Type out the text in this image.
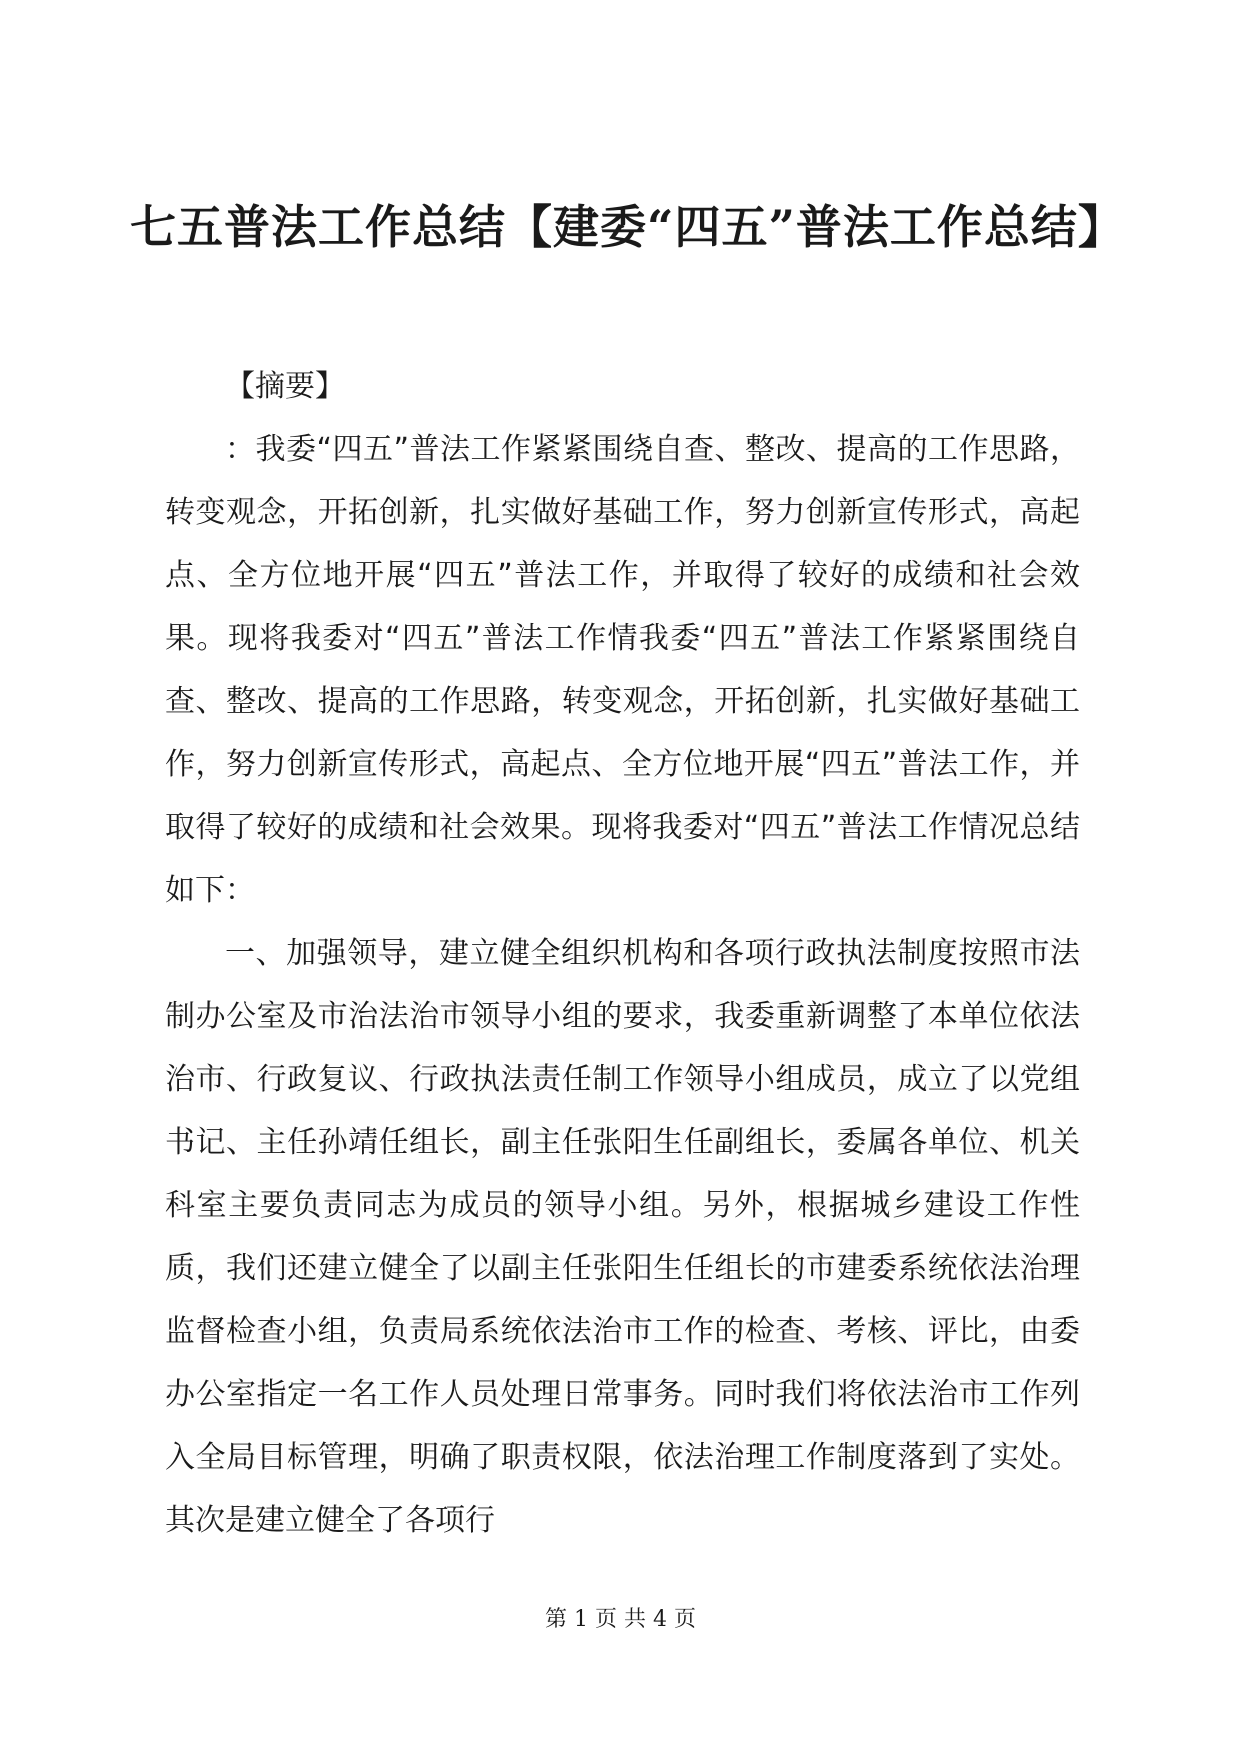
七五普法工作总结【建委“四五”普法工作总结】

【摘要】

：我委“四五”普法工作紧紧围绕自查、整改、提高的工作思路，转变观念，开拓创新，扎实做好基础工作，努力创新宣传形式，高起点、全方位地开展“四五”普法工作，并取得了较好的成绩和社会效果。现将我委对“四五”普法工作情我委“四五”普法工作紧紧围绕自查、整改、提高的工作思路，转变观念，开拓创新，扎实做好基础工作，努力创新宣传形式，高起点、全方位地开展“四五”普法工作，并取得了较好的成绩和社会效果。现将我委对“四五”普法工作情况总结如下：

一、加强领导，建立健全组织机构和各项行政执法制度按照市法制办公室及市治法治市领导小组的要求，我委重新调整了本单位依法治市、行政复议、行政执法责任制工作领导小组成员，成立了以党组书记、主任孙靖任组长，副主任张阳生任副组长，委属各单位、机关科室主要负责同志为成员的领导小组。另外，根据城乡建设工作性质，我们还建立健全了以副主任张阳生任组长的市建委系统依法治理监督检查小组，负责局系统依法治市工作的检查、考核、评比，由委办公室指定一名工作人员处理日常事务。同时我们将依法治市工作列入全局目标管理，明确了职责权限，依法治理工作制度落到了实处。其次是建立健全了各项行

第 1 页 共 4 页
